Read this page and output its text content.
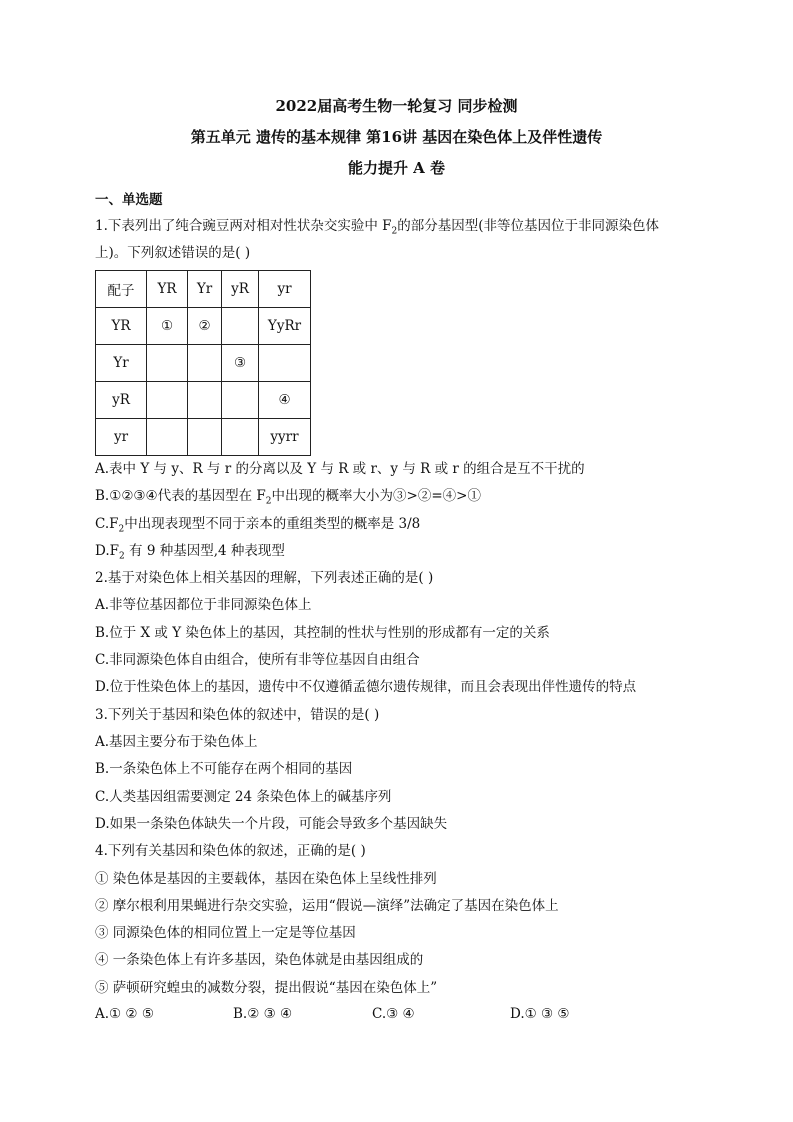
2022届高考生物一轮复习 同步检测
第五单元 遗传的基本规律 第16讲 基因在染色体上及伴性遗传
能力提升 A 卷
一、单选题
1.下表列出了纯合豌豆两对相对性状杂交实验中 $F_2$的部分基因型(非等位基因位于非同源染色体
上)。下列叙述错误的是( )
配子	YR	Yr	yR	yr
YR	①	②		YyRr
Yr			③	
yR				④
yr				yyrr
A.表中 Y 与 y、R 与 r 的分离以及 Y 与 R 或 r、y 与 R 或 r 的组合是互不干扰的
B.①②③④代表的基因型在 $F_2$中出现的概率大小为③>②=④>①
$C.F_2$中出现表现型不同于亲本的重组类型的概率是 3/8
$D.F_2$ 有 9 种基因型,4 种表现型
2.基于对染色体上相关基因的理解，下列表述正确的是( )
A.非等位基因都位于非同源染色体上
B.位于 X 或 Y 染色体上的基因，其控制的性状与性别的形成都有一定的关系
C.非同源染色体自由组合，使所有非等位基因自由组合
D.位于性染色体上的基因，遗传中不仅遵循孟德尔遗传规律，而且会表现出伴性遗传的特点
3.下列关于基因和染色体的叙述中，错误的是( )
A.基因主要分布于染色体上
B.一条染色体上不可能存在两个相同的基因
C.人类基因组需要测定 24 条染色体上的碱基序列
D.如果一条染色体缺失一个片段，可能会导致多个基因缺失
4.下列有关基因和染色体的叙述，正确的是( )
① 染色体是基因的主要载体，基因在染色体上呈线性排列
② 摩尔根利用果蝇进行杂交实验，运用“假说—演绎”法确定了基因在染色体上
③ 同源染色体的相同位置上一定是等位基因
④ 一条染色体上有许多基因，染色体就是由基因组成的
⑤ 萨顿研究蝗虫的减数分裂，提出假说“基因在染色体上”
A.① ② ⑤	B.② ③ ④	C.③ ④	D.① ③ ⑤
